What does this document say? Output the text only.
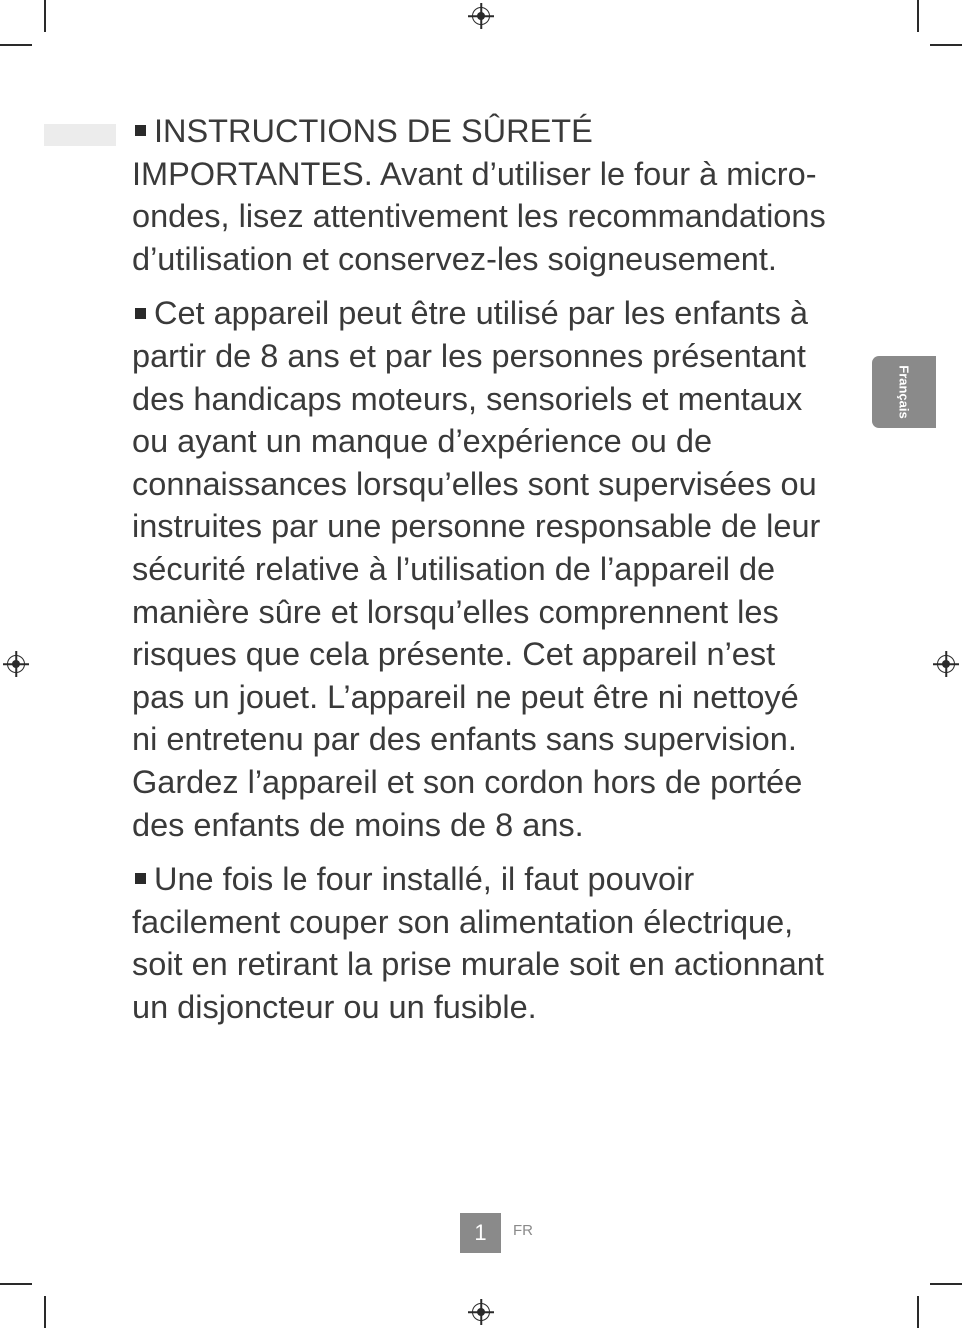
Français

INSTRUCTIONS DE SÛRETÉ IMPORTANTES. Avant d’utiliser le four à micro-ondes, lisez attentivement les recommandations d’utilisation et conservez-les soigneusement.

Cet appareil peut être utilisé par les enfants à partir de 8 ans et par les personnes présentant des handicaps moteurs, sensoriels et mentaux ou ayant un manque d’expérience ou de connaissances lorsqu’elles sont supervisées ou instruites par une personne responsable de leur sécurité relative à l’utilisation de l’appareil de manière sûre et lorsqu’elles comprennent les risques que cela présente. Cet appareil n’est pas un jouet. L’appareil ne peut être ni nettoyé ni entretenu par des enfants sans supervision. Gardez l’appareil et son cordon hors de portée des enfants de moins de 8 ans.

Une fois le four installé, il faut pouvoir facilement couper son alimentation électrique, soit en retirant la prise murale soit en actionnant un disjoncteur ou un fusible.

1	FR
